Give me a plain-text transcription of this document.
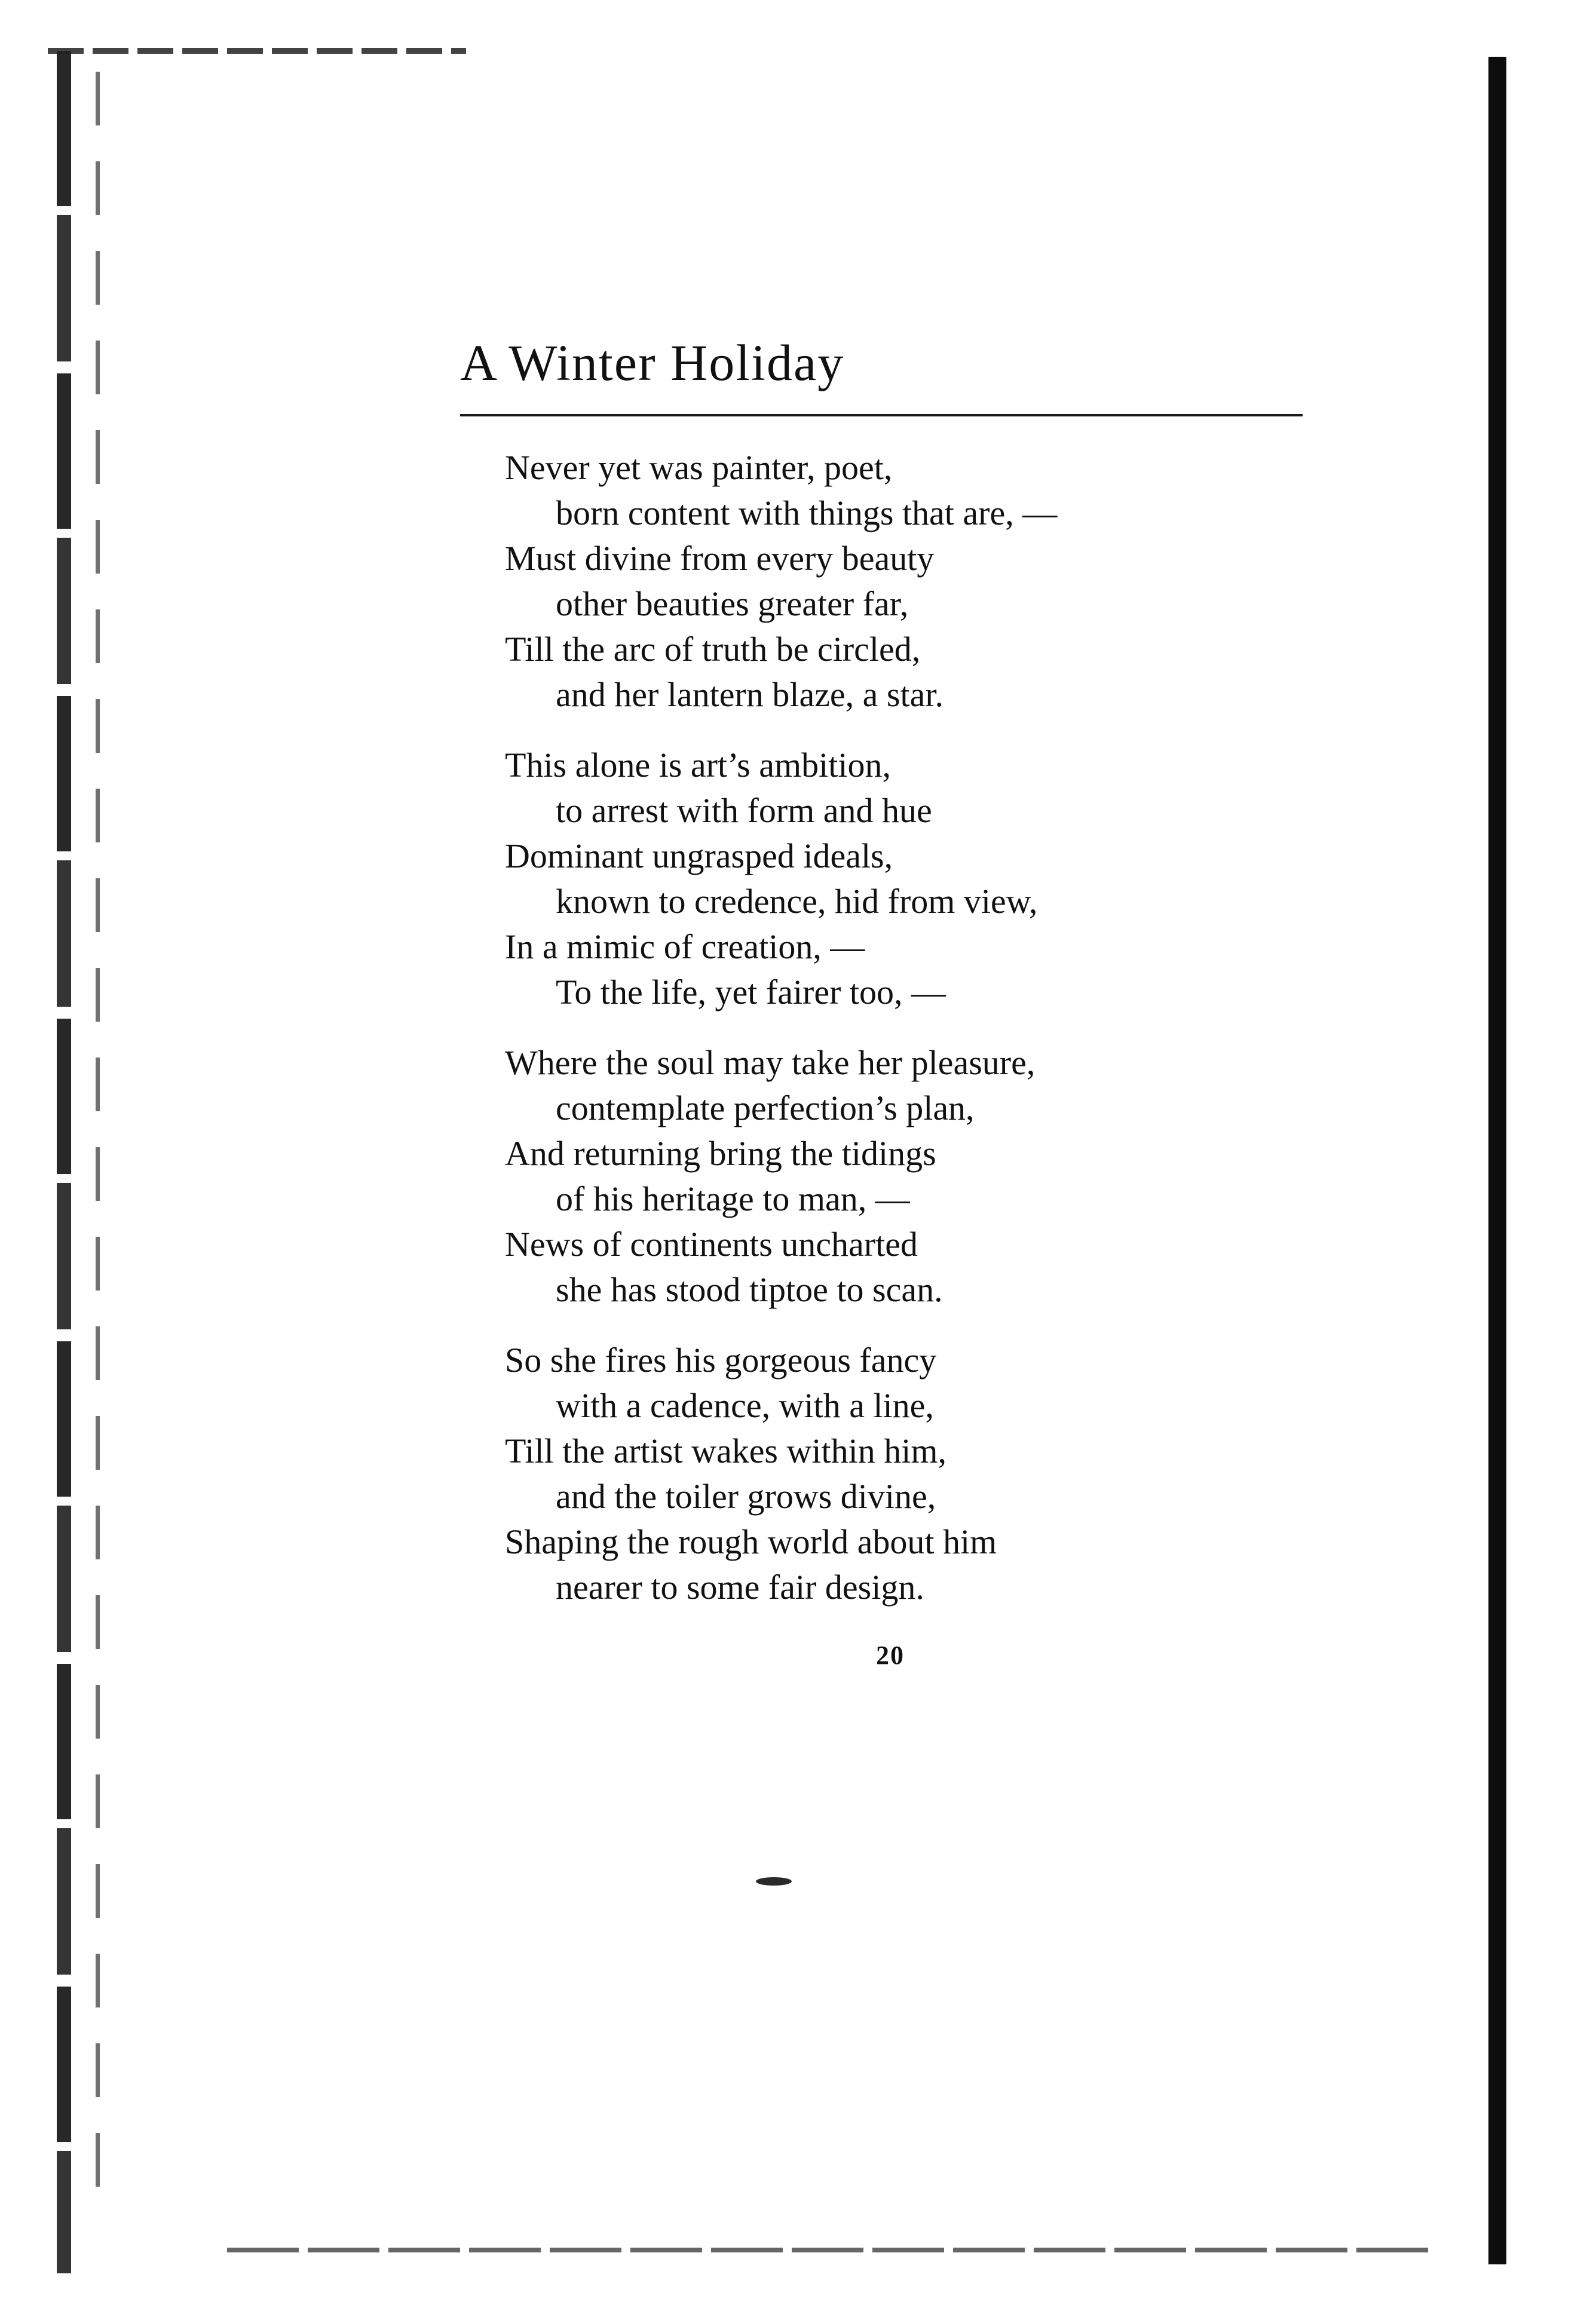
A Winter Holiday
Never yet was painter, poet,
born content with things that are, —
Must divine from every beauty
other beauties greater far,
Till the arc of truth be circled,
and her lantern blaze, a star.
This alone is art’s ambition,
to arrest with form and hue
Dominant ungrasped ideals,
known to credence, hid from view,
In a mimic of creation, —
To the life, yet fairer too, —
Where the soul may take her pleasure,
contemplate perfection’s plan,
And returning bring the tidings
of his heritage to man, —
News of continents uncharted
she has stood tiptoe to scan.
So she fires his gorgeous fancy
with a cadence, with a line,
Till the artist wakes within him,
and the toiler grows divine,
Shaping the rough world about him
nearer to some fair design.
20
